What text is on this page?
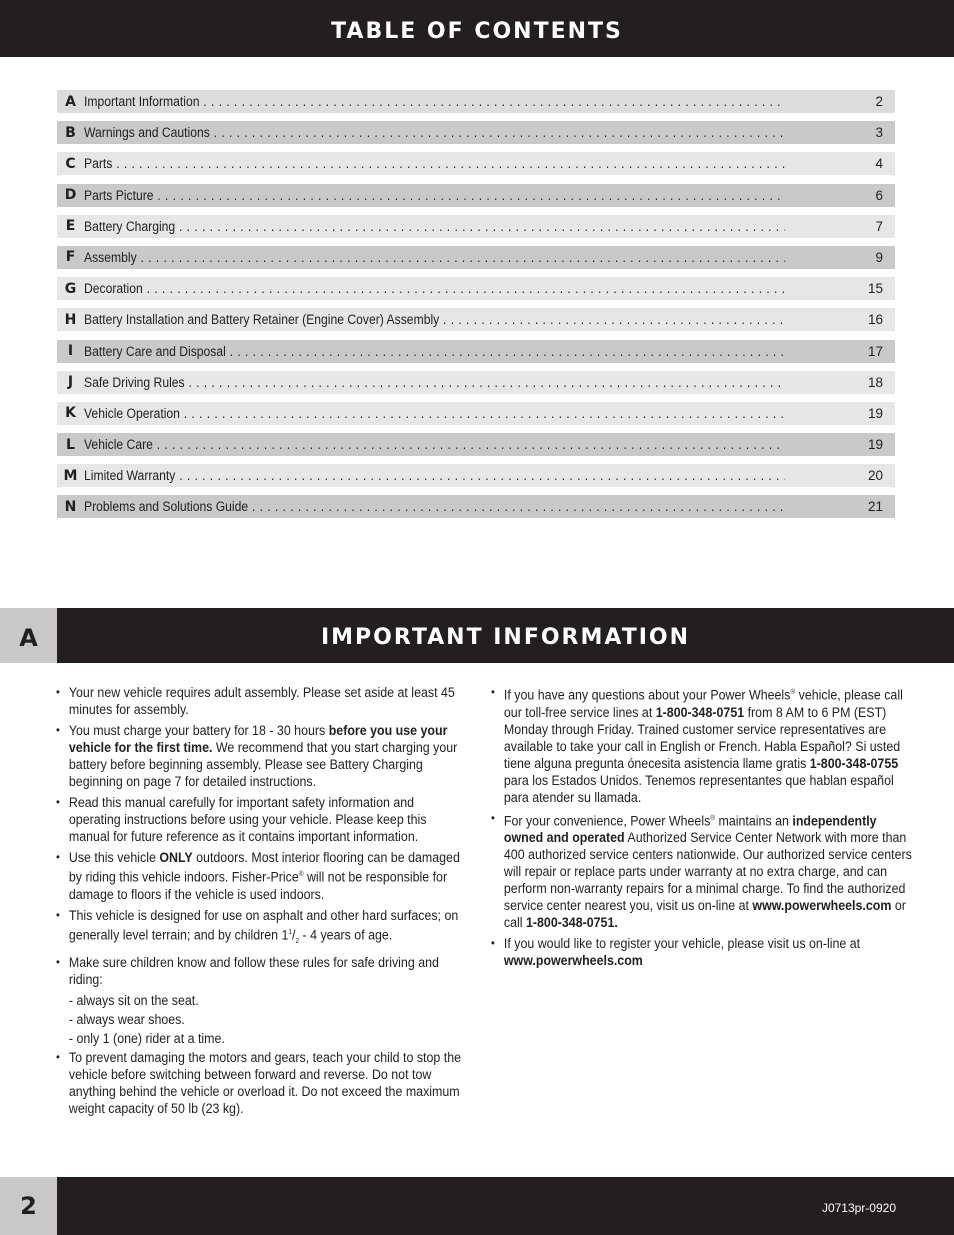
TABLE OF CONTENTS
A Important Information . . .	2
B Warnings and Cautions . . .	3
C Parts . . .	4
D Parts Picture . . .	6
E Battery Charging . . .	7
F Assembly . . .	9
G Decoration . . .	15
H Battery Installation and Battery Retainer (Engine Cover) Assembly . . .	16
I Battery Care and Disposal . . .	17
J Safe Driving Rules . . .	18
K Vehicle Operation . . .	19
L Vehicle Care . . .	19
M Limited Warranty . . .	20
N Problems and Solutions Guide . . .	21
A	IMPORTANT INFORMATION
• Your new vehicle requires adult assembly. Please set aside at least 45 minutes for assembly.
• You must charge your battery for 18 - 30 hours before you use your vehicle for the first time. We recommend that you start charging your battery before beginning assembly. Please see Battery Charging beginning on page 7 for detailed instructions.
• Read this manual carefully for important safety information and operating instructions before using your vehicle. Please keep this manual for future reference as it contains important information.
• Use this vehicle ONLY outdoors. Most interior flooring can be damaged by riding this vehicle indoors. Fisher-Price® will not be responsible for damage to floors if the vehicle is used indoors.
• This vehicle is designed for use on asphalt and other hard surfaces; on generally level terrain; and by children $1^1/_2 - 4$ years of age.
• Make sure children know and follow these rules for safe driving and riding:
- always sit on the seat.
- always wear shoes.
- only 1 (one) rider at a time.
• To prevent damaging the motors and gears, teach your child to stop the vehicle before switching between forward and reverse. Do not tow anything behind the vehicle or overload it. Do not exceed the maximum weight capacity of 50 lb (23 kg).
• If you have any questions about your Power Wheels® vehicle, please call our toll-free service lines at 1-800-348-0751 from 8 AM to 6 PM (EST) Monday through Friday. Trained customer service representatives are available to take your call in English or French. Habla Español? Si usted tiene alguna pregunta ónecesita asistencia llame gratis 1-800-348-0755 para los Estados Unidos. Tenemos representantes que hablan español para atender su llamada.
• For your convenience, Power Wheels® maintains an independently owned and operated Authorized Service Center Network with more than 400 authorized service centers nationwide. Our authorized service centers will repair or replace parts under warranty at no extra charge, and can perform non-warranty repairs for a minimal charge. To find the authorized service center nearest you, visit us on-line at www.powerwheels.com or call 1-800-348-0751.
• If you would like to register your vehicle, please visit us on-line at www.powerwheels.com
2	J0713pr-0920
